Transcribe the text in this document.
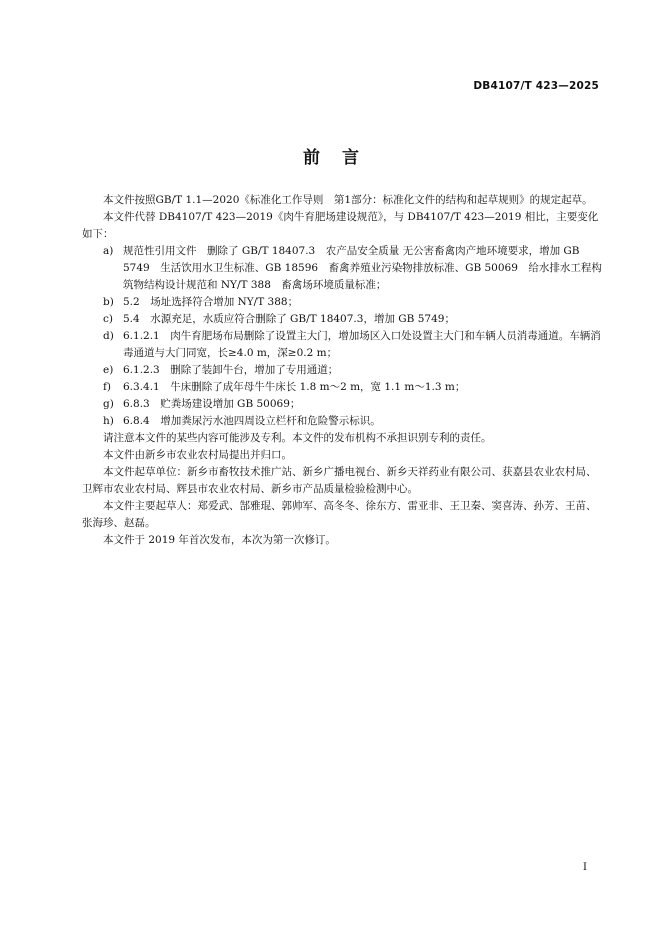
DB4107/T 423—2025
前言

本文件按照GB/T 1.1—2020《标准化工作导则　第1部分：标准化文件的结构和起草规则》的规定起草。

本文件代替 DB4107/T 423—2019《肉牛育肥场建设规范》，与 DB4107/T 423—2019 相比，主要变化如下：

a) 规范性引用文件　删除了 GB/T 18407.3　农产品安全质量 无公害畜禽肉产地环境要求，增加 GB 5749　生活饮用水卫生标准、GB 18596　畜禽养殖业污染物排放标准、GB 50069　给水排水工程构筑物结构设计规范和 NY/T 388　畜禽场环境质量标准；

b) 5.2　场址选择符合增加 NY/T 388；

c) 5.4　水源充足，水质应符合删除了 GB/T 18407.3，增加 GB 5749；

d) 6.1.2.1　肉牛育肥场布局删除了设置主大门，增加场区入口处设置主大门和车辆人员消毒通道。车辆消毒通道与大门同宽，长≥4.0 m，深≥0.2 m；

e) 6.1.2.3　删除了装卸牛台，增加了专用通道；

f) 6.3.4.1　牛床删除了成年母牛牛床长 1.8 m～2 m，宽 1.1 m～1.3 m；

g) 6.8.3　贮粪场建设增加 GB 50069；

h) 6.8.4　增加粪尿污水池四周设立栏杆和危险警示标识。

请注意本文件的某些内容可能涉及专利。本文件的发布机构不承担识别专利的责任。

本文件由新乡市农业农村局提出并归口。

本文件起草单位：新乡市畜牧技术推广站、新乡广播电视台、新乡天祥药业有限公司、获嘉县农业农村局、卫辉市农业农村局、辉县市农业农村局、新乡市产品质量检验检测中心。

本文件主要起草人：郑爱武、郜雅琨、郭帅军、高冬冬、徐东方、雷亚非、王卫秦、窦喜涛、孙芳、王苗、张海珍、赵磊。

本文件于 2019 年首次发布，本次为第一次修订。

I
